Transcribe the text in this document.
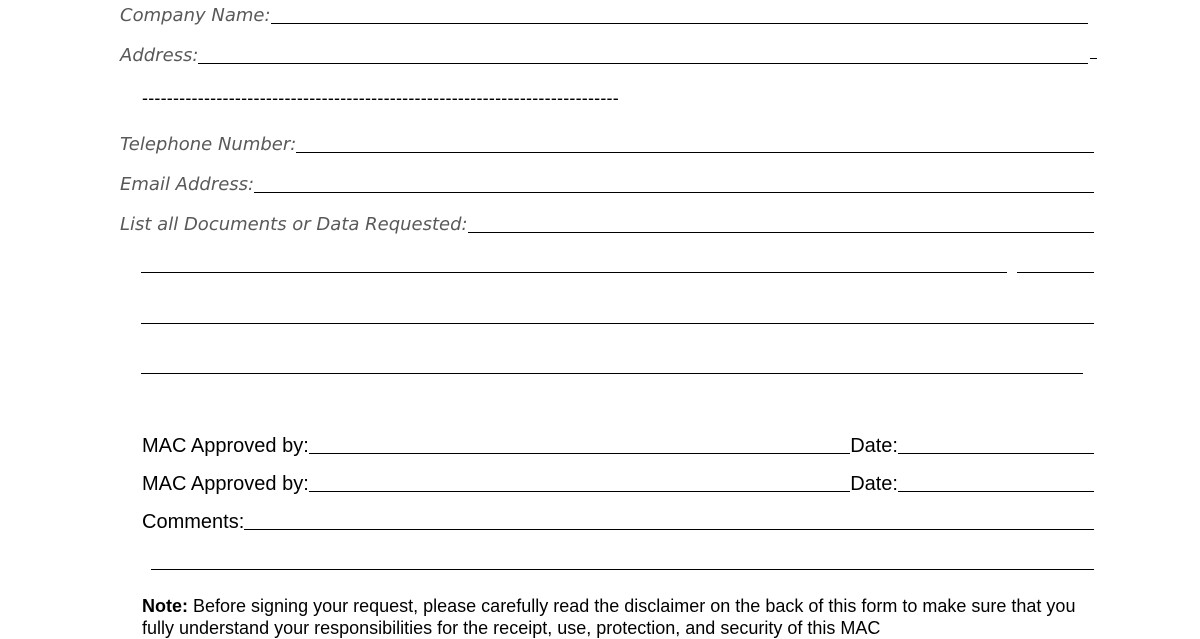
Company Name:
Address:
-----------------------------------------------------------------------------
Telephone Number:
Email Address:
List all Documents or Data Requested:
MAC Approved by:	Date:
MAC Approved by:	Date:
Comments:
Note: Before signing your request, please carefully read the disclaimer on the back of this form to make sure that you fully understand your responsibilities for the receipt, use, protection, and security of this MAC
